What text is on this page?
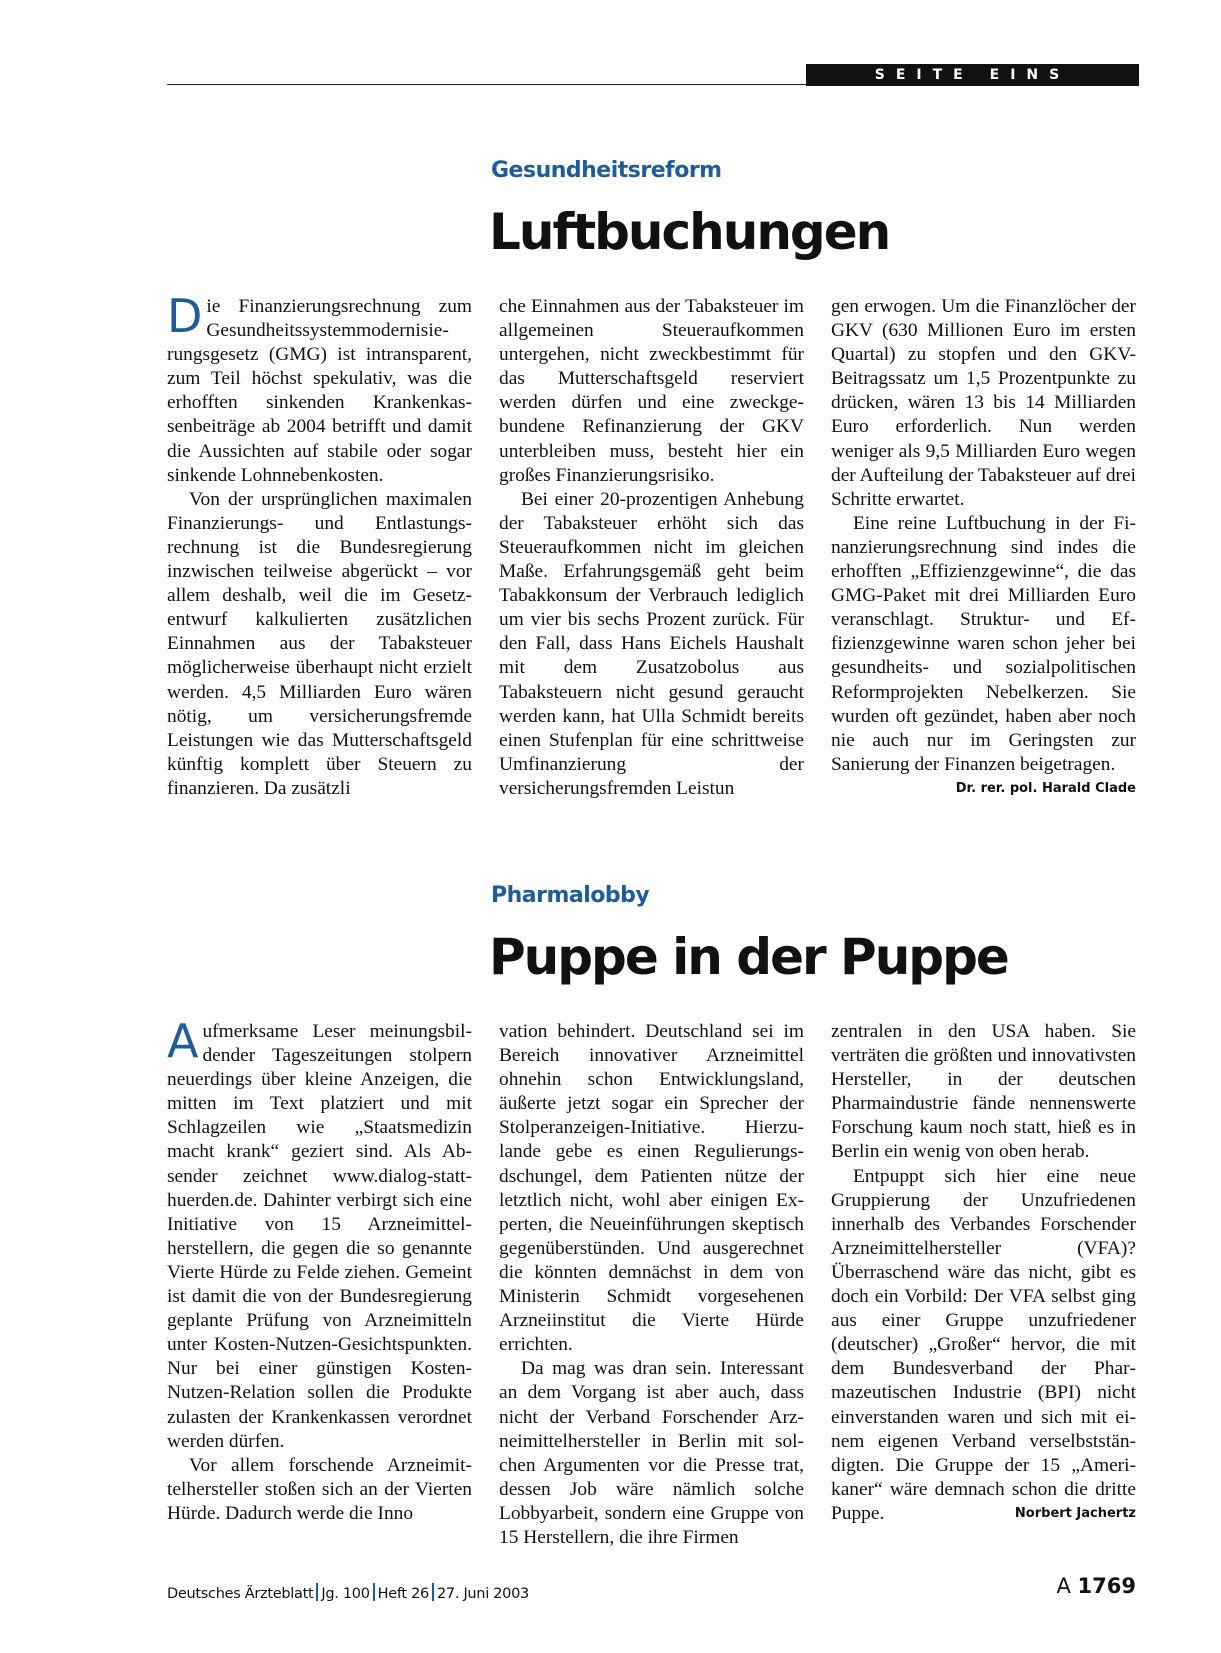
SEITE EINS
Gesundheitsreform
Luftbuchungen

Die Finanzierungsrechnung zum Gesundheitssystemmodernisierungsgesetz (GMG) ist intransparent, zum Teil höchst spekulativ, was die erhofften sinkenden Krankenkassenbeiträge ab 2004 betrifft und damit die Aussichten auf stabile oder sogar sinkende Lohnnebenkosten.

Von der ursprünglichen maximalen Finanzierungs- und Entlastungsrechnung ist die Bundesregierung inzwischen teilweise abgerückt – vor allem deshalb, weil die im Gesetzentwurf kalkulierten zusätzlichen Einnahmen aus der Tabaksteuer möglicherweise überhaupt nicht erzielt werden. 4,5 Milliarden Euro wären nötig, um versicherungsfremde Leistungen wie das Mutterschaftsgeld künftig komplett über Steuern zu finanzieren. Da zusätzli

che Einnahmen aus der Tabaksteuer im allgemeinen Steueraufkommen untergehen, nicht zweckbestimmt für das Mutterschaftsgeld reserviert werden dürfen und eine zweckgebundene Refinanzierung der GKV unterbleiben muss, besteht hier ein großes Finanzierungsrisiko.

Bei einer 20-prozentigen Anhebung der Tabaksteuer erhöht sich das Steueraufkommen nicht im gleichen Maße. Erfahrungsgemäß geht beim Tabakkonsum der Verbrauch lediglich um vier bis sechs Prozent zurück. Für den Fall, dass Hans Eichels Haushalt mit dem Zusatzobolus aus Tabaksteuern nicht gesund geraucht werden kann, hat Ulla Schmidt bereits einen Stufenplan für eine schrittweise Umfinanzierung der versicherungsfremden Leistun

gen erwogen. Um die Finanzlöcher der GKV (630 Millionen Euro im ersten Quartal) zu stopfen und den GKV-Beitragssatz um 1,5 Prozentpunkte zu drücken, wären 13 bis 14 Milliarden Euro erforderlich. Nun werden weniger als 9,5 Milliarden Euro wegen der Aufteilung der Tabaksteuer auf drei Schritte erwartet.

Eine reine Luftbuchung in der Finanzierungsrechnung sind indes die erhofften „Effizienzgewinne“, die das GMG-Paket mit drei Milliarden Euro veranschlagt. Struktur- und Effizienzgewinne waren schon jeher bei gesundheits- und sozialpolitischen Reformprojekten Nebelkerzen. Sie wurden oft gezündet, haben aber noch nie auch nur im Geringsten zur Sanierung der Finanzen beigetragen.
Dr. rer. pol. Harald Clade

Pharmalobby
Puppe in der Puppe

Aufmerksame Leser meinungsbildender Tageszeitungen stolpern neuerdings über kleine Anzeigen, die mitten im Text platziert und mit Schlagzeilen wie „Staatsmedizin macht krank“ geziert sind. Als Absender zeichnet www.dialog-statthuerden.de. Dahinter verbirgt sich eine Initiative von 15 Arzneimittelherstellern, die gegen die so genannte Vierte Hürde zu Felde ziehen. Gemeint ist damit die von der Bundesregierung geplante Prüfung von Arzneimitteln unter Kosten-Nutzen-Gesichtspunkten. Nur bei einer günstigen Kosten-Nutzen-Relation sollen die Produkte zulasten der Krankenkassen verordnet werden dürfen.

Vor allem forschende Arzneimittelhersteller stoßen sich an der Vierten Hürde. Dadurch werde die Inno

vation behindert. Deutschland sei im Bereich innovativer Arzneimittel ohnehin schon Entwicklungsland, äußerte jetzt sogar ein Sprecher der Stolperanzeigen-Initiative. Hierzulande gebe es einen Regulierungsdschungel, dem Patienten nütze der letztlich nicht, wohl aber einigen Experten, die Neueinführungen skeptisch gegenüberstünden. Und ausgerechnet die könnten demnächst in dem von Ministerin Schmidt vorgesehenen Arzneiinstitut die Vierte Hürde errichten.

Da mag was dran sein. Interessant an dem Vorgang ist aber auch, dass nicht der Verband Forschender Arzneimittelhersteller in Berlin mit solchen Argumenten vor die Presse trat, dessen Job wäre nämlich solche Lobbyarbeit, sondern eine Gruppe von 15 Herstellern, die ihre Firmen

zentralen in den USA haben. Sie verträten die größten und innovativsten Hersteller, in der deutschen Pharmaindustrie fände nennenswerte Forschung kaum noch statt, hieß es in Berlin ein wenig von oben herab.

Entpuppt sich hier eine neue Gruppierung der Unzufriedenen innerhalb des Verbandes Forschender Arzneimittelhersteller (VFA)? Überraschend wäre das nicht, gibt es doch ein Vorbild: Der VFA selbst ging aus einer Gruppe unzufriedener (deutscher) „Großer“ hervor, die mit dem Bundesverband der Pharmazeutischen Industrie (BPI) nicht einverstanden waren und sich mit einem eigenen Verband verselbstständigten. Die Gruppe der 15 „Amerikaner“ wäre demnach schon die dritte Puppe.	Norbert Jachertz

Deutsches Ärzteblatt Jg. 100 Heft 26 27. Juni 2003	A 1769
